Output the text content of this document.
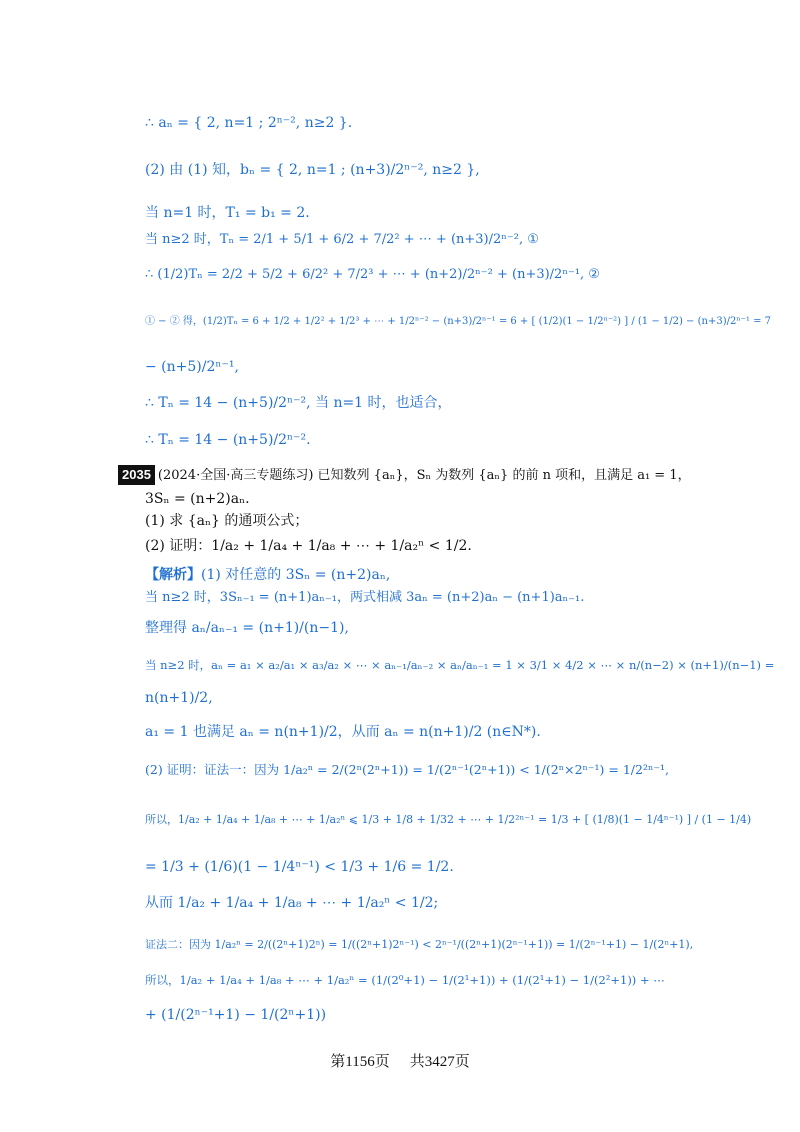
∴ aₙ = { 2, n=1 ; 2ⁿ⁻², n≥2 }.
(2) 由 (1) 知，bₙ = { 2, n=1 ; (n+3)/2ⁿ⁻², n≥2 },
当 n=1 时，T₁ = b₁ = 2.
当 n≥2 时，Tₙ = 2/1 + 5/1 + 6/2 + 7/2² + ⋯ + (n+3)/2ⁿ⁻², ①
∴ (1/2)Tₙ = 2/2 + 5/2 + 6/2² + 7/2³ + ⋯ + (n+2)/2ⁿ⁻² + (n+3)/2ⁿ⁻¹, ②
① − ② 得，(1/2)Tₙ = 6 + 1/2 + 1/2² + 1/2³ + ⋯ + 1/2ⁿ⁻² − (n+3)/2ⁿ⁻¹ = 6 + [ (1/2)(1 − 1/2ⁿ⁻²) ] / (1 − 1/2) − (n+3)/2ⁿ⁻¹ = 7
− (n+5)/2ⁿ⁻¹,
∴ Tₙ = 14 − (n+5)/2ⁿ⁻², 当 n=1 时，也适合，
∴ Tₙ = 14 − (n+5)/2ⁿ⁻².
2035 (2024·全国·高三专题练习) 已知数列 {aₙ}，Sₙ 为数列 {aₙ} 的前 n 项和，且满足 a₁ = 1，
3Sₙ = (n+2)aₙ.
(1) 求 {aₙ} 的通项公式；
(2) 证明：1/a₂ + 1/a₄ + 1/a₈ + ⋯ + 1/a₂ⁿ < 1/2.
【解析】(1) 对任意的 3Sₙ = (n+2)aₙ,
当 n≥2 时，3Sₙ₋₁ = (n+1)aₙ₋₁，两式相减 3aₙ = (n+2)aₙ − (n+1)aₙ₋₁.
整理得 aₙ/aₙ₋₁ = (n+1)/(n−1),
当 n≥2 时，aₙ = a₁ × a₂/a₁ × a₃/a₂ × ⋯ × aₙ₋₁/aₙ₋₂ × aₙ/aₙ₋₁ = 1 × 3/1 × 4/2 × ⋯ × n/(n−2) × (n+1)/(n−1) =
n(n+1)/2,
a₁ = 1 也满足 aₙ = n(n+1)/2，从而 aₙ = n(n+1)/2 (n∈N*).
(2) 证明：证法一：因为 1/a₂ⁿ = 2/(2ⁿ(2ⁿ+1)) = 1/(2ⁿ⁻¹(2ⁿ+1)) < 1/(2ⁿ×2ⁿ⁻¹) = 1/2²ⁿ⁻¹,
所以，1/a₂ + 1/a₄ + 1/a₈ + ⋯ + 1/a₂ⁿ ⩽ 1/3 + 1/8 + 1/32 + ⋯ + 1/2²ⁿ⁻¹ = 1/3 + [ (1/8)(1 − 1/4ⁿ⁻¹) ] / (1 − 1/4)
= 1/3 + (1/6)(1 − 1/4ⁿ⁻¹) < 1/3 + 1/6 = 1/2.
从而 1/a₂ + 1/a₄ + 1/a₈ + ⋯ + 1/a₂ⁿ < 1/2;
证法二：因为 1/a₂ⁿ = 2/((2ⁿ+1)2ⁿ) = 1/((2ⁿ+1)2ⁿ⁻¹) < 2ⁿ⁻¹/((2ⁿ+1)(2ⁿ⁻¹+1)) = 1/(2ⁿ⁻¹+1) − 1/(2ⁿ+1),
所以，1/a₂ + 1/a₄ + 1/a₈ + ⋯ + 1/a₂ⁿ = (1/(2⁰+1) − 1/(2¹+1)) + (1/(2¹+1) − 1/(2²+1)) + ⋯
+ (1/(2ⁿ⁻¹+1) − 1/(2ⁿ+1))
第1156页 共3427页
